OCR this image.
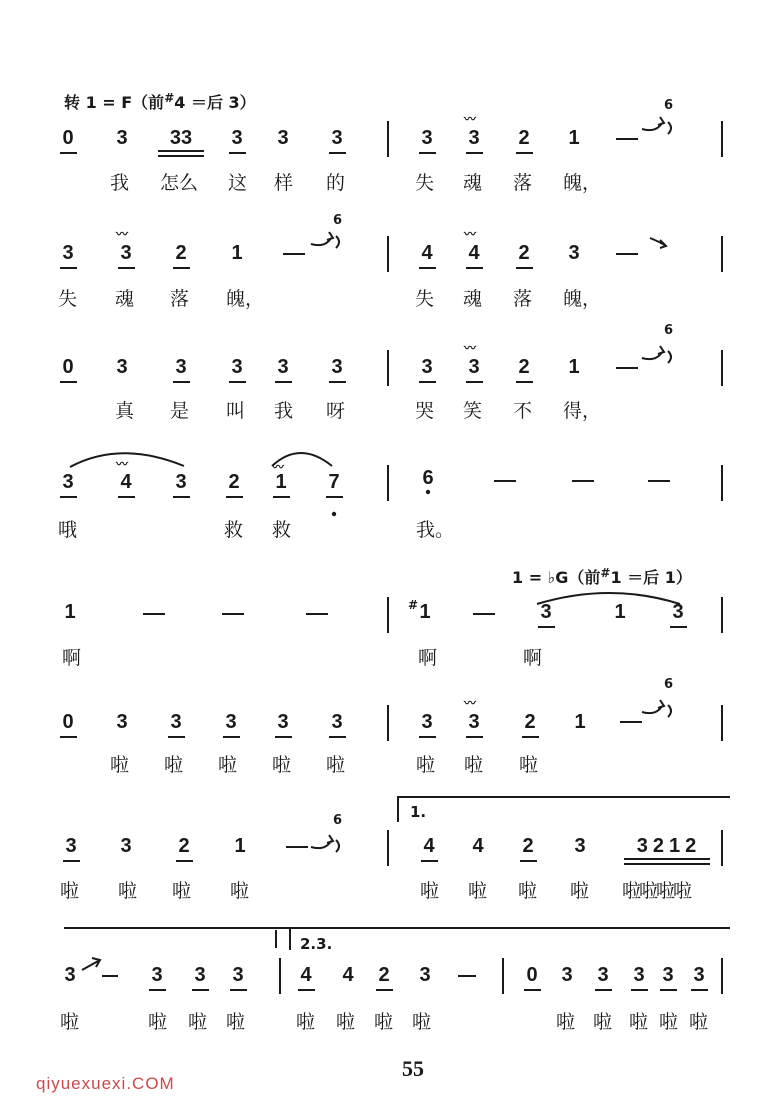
转 1 = F（前#4 ＝后 3）	6
6
6
6
6
0	3	33	3	3	3	3
〰
3	2	1
我 怎么 这 样 的	失 魂 落 魄，
3
〰
3	2	1	4
〰
4	2	3
失 魂 落 魄，	失 魂 落 魄，
0	3	3	3	3	3	3
〰
3	2	1
真 是 叫 我 呀	哭 笑 不 得，
3
〰
4	3	2
〰
1	7	6
哦	救 救	我。
1 = ♭G（前#1 ＝后 1）
1	# 1	3	1	3
啊	啊	啊
0	3	3	3	3	3	3
〰
3	2	1
啦 啦 啦 啦 啦	啦 啦 啦
1.
3	3	2	1	4	4	2	3	3212
啦 啦 啦 啦	啦 啦 啦 啦 啦啦啦啦
2.3.
3	3	3	3	4	4	2	3	0	3	3	3 3 3
啦	啦 啦 啦	啦 啦 啦 啦	啦 啦 啦 啦 啦
qiyuexuexi.COM
55
